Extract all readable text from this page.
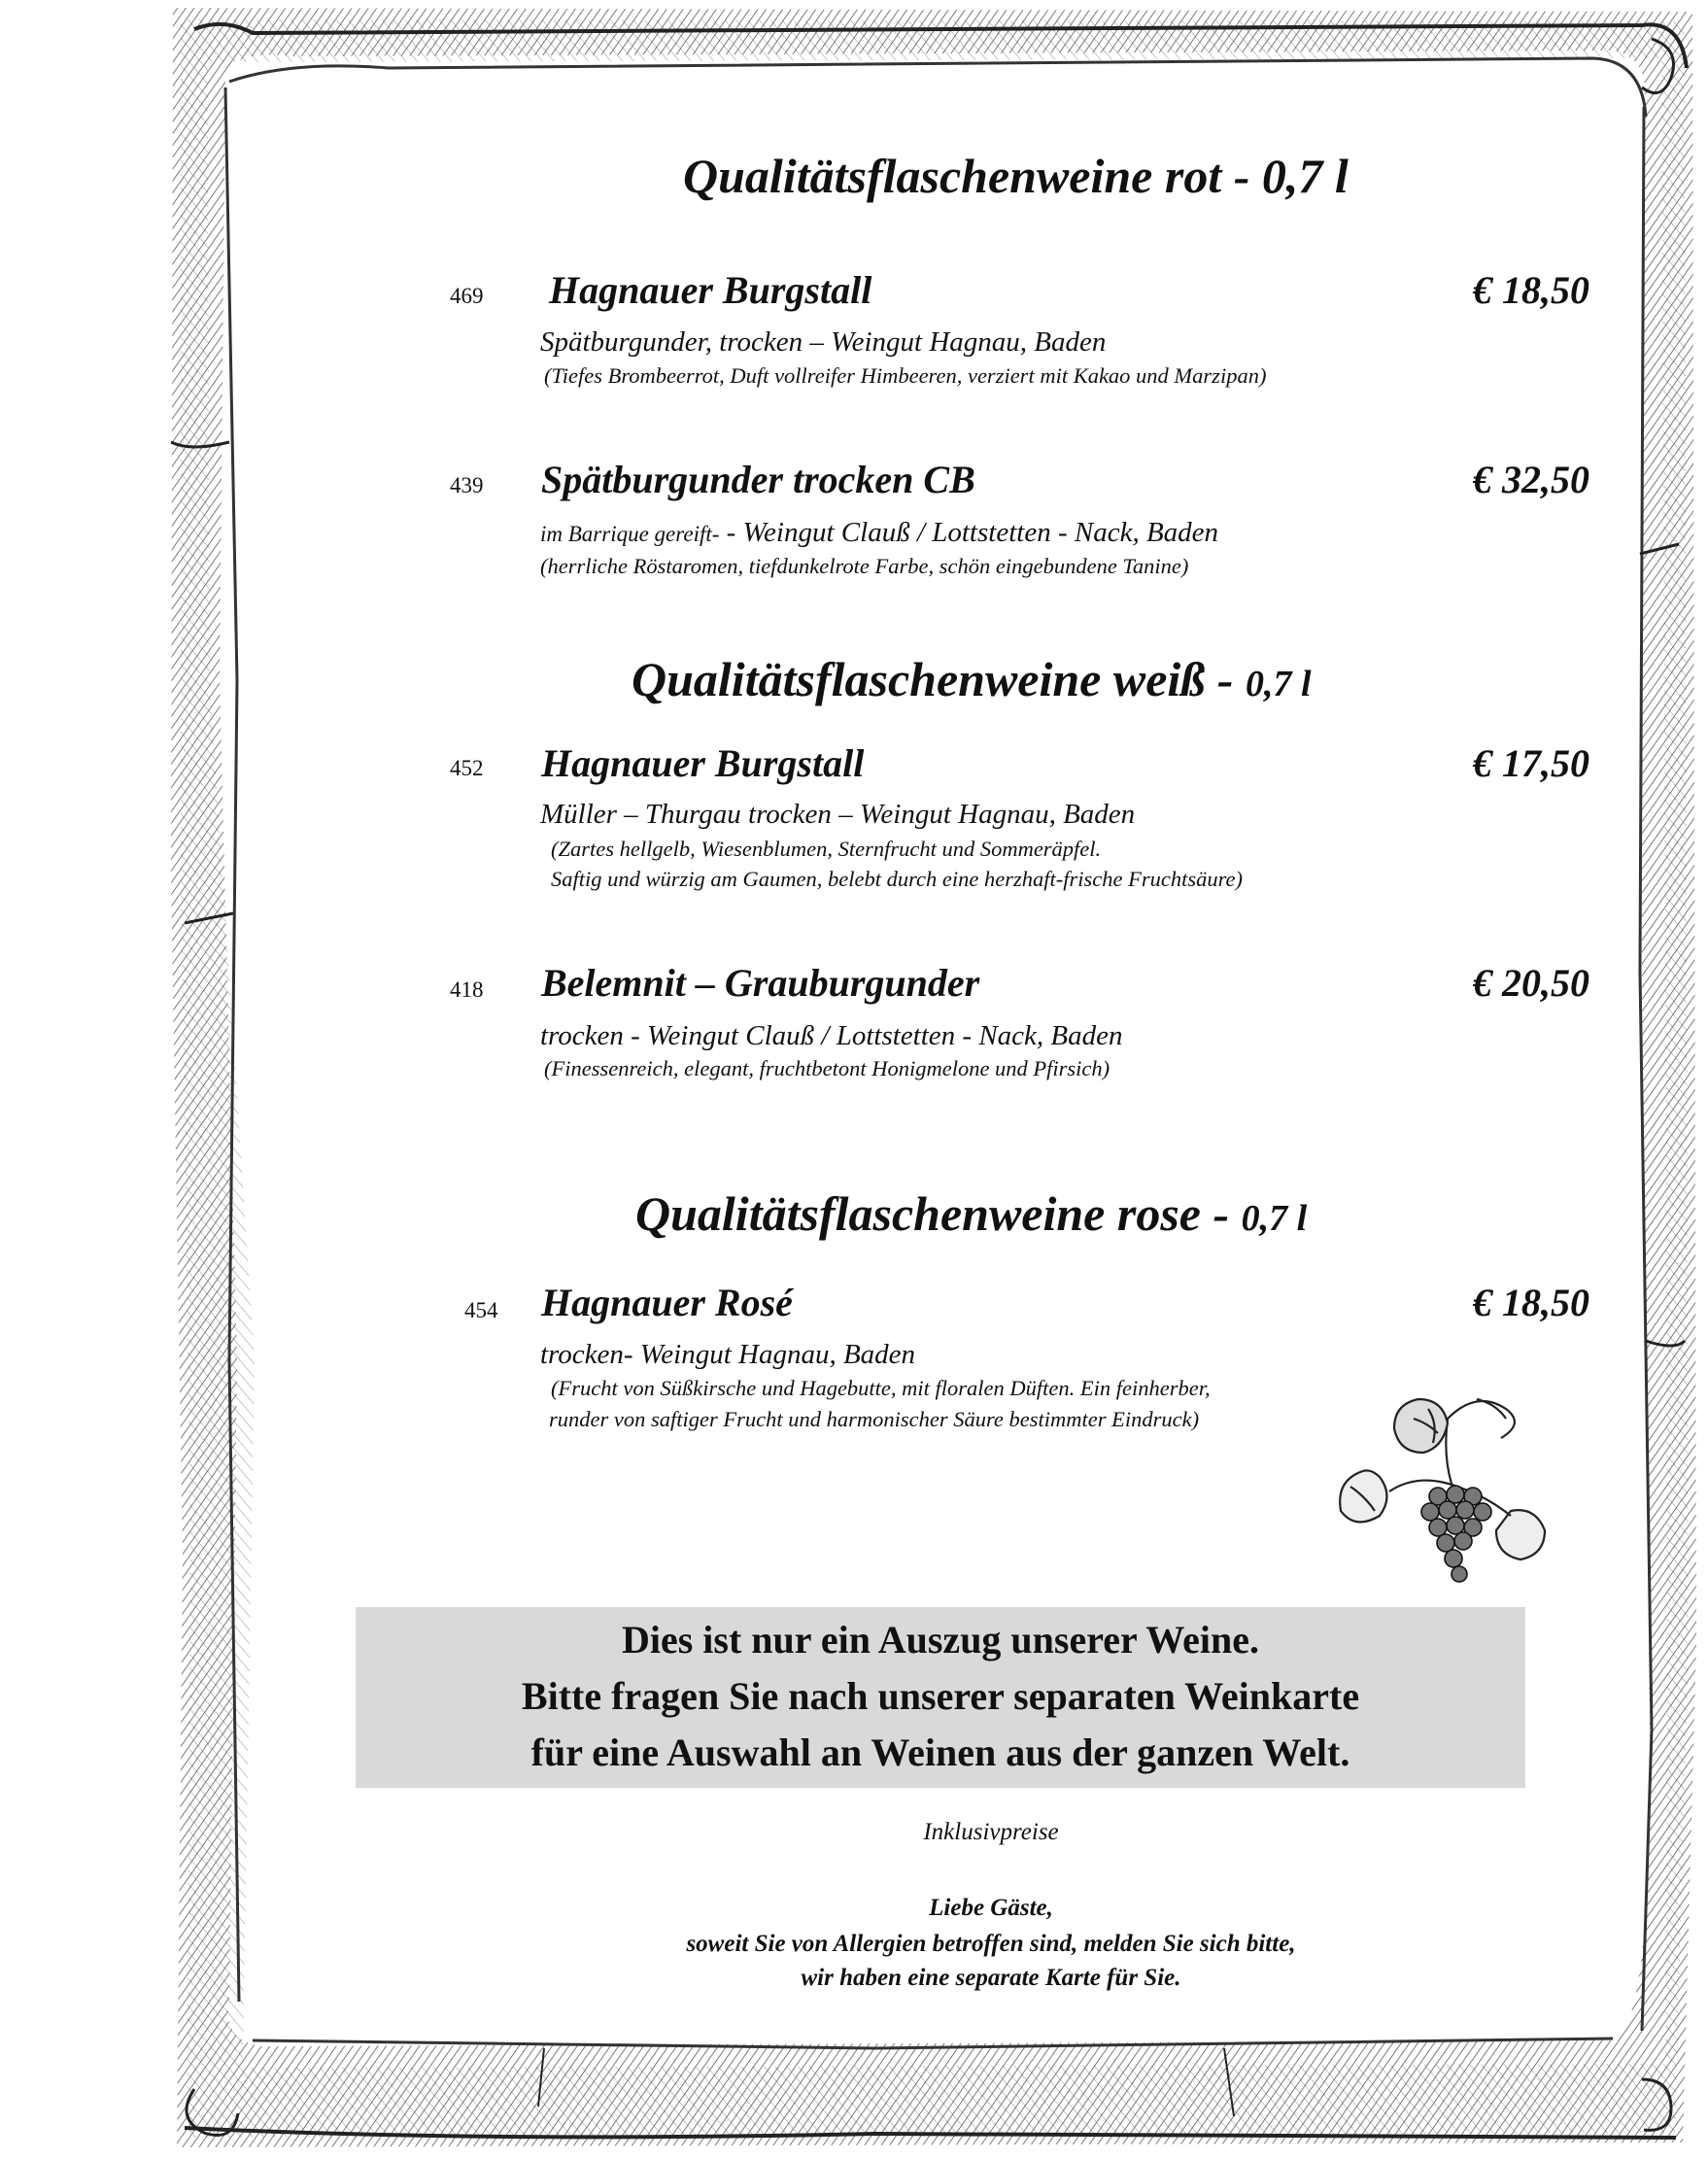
Qualitätsflaschenweine rot - 0,7 l
469 Hagnauer Burgstall	€ 18,50
Spätburgunder, trocken – Weingut Hagnau, Baden
(Tiefes Brombeerrot, Duft vollreifer Himbeeren, verziert mit Kakao und Marzipan)
439 Spätburgunder trocken CB	€ 32,50
im Barrique gereift- - Weingut Clauß / Lottstetten - Nack, Baden
(herrliche Röstaromen, tiefdunkelrote Farbe, schön eingebundene Tanine)
Qualitätsflaschenweine weiß - 0,7 l
452 Hagnauer Burgstall	€ 17,50
Müller – Thurgau trocken – Weingut Hagnau, Baden
(Zartes hellgelb, Wiesenblumen, Sternfrucht und Sommeräpfel.
Saftig und würzig am Gaumen, belebt durch eine herzhaft-frische Fruchtsäure)
418 Belemnit – Grauburgunder	€ 20,50
trocken - Weingut Clauß / Lottstetten - Nack, Baden
(Finessenreich, elegant, fruchtbetont Honigmelone und Pfirsich)
Qualitätsflaschenweine rose - 0,7 l
454 Hagnauer Rosé	€ 18,50
trocken- Weingut Hagnau, Baden
(Frucht von Süßkirsche und Hagebutte, mit floralen Düften. Ein feinherber,
runder von saftiger Frucht und harmonischer Säure bestimmter Eindruck)
Dies ist nur ein Auszug unserer Weine.
Bitte fragen Sie nach unserer separaten Weinkarte
für eine Auswahl an Weinen aus der ganzen Welt.
Inklusivpreise
Liebe Gäste,
soweit Sie von Allergien betroffen sind, melden Sie sich bitte,
wir haben eine separate Karte für Sie.
